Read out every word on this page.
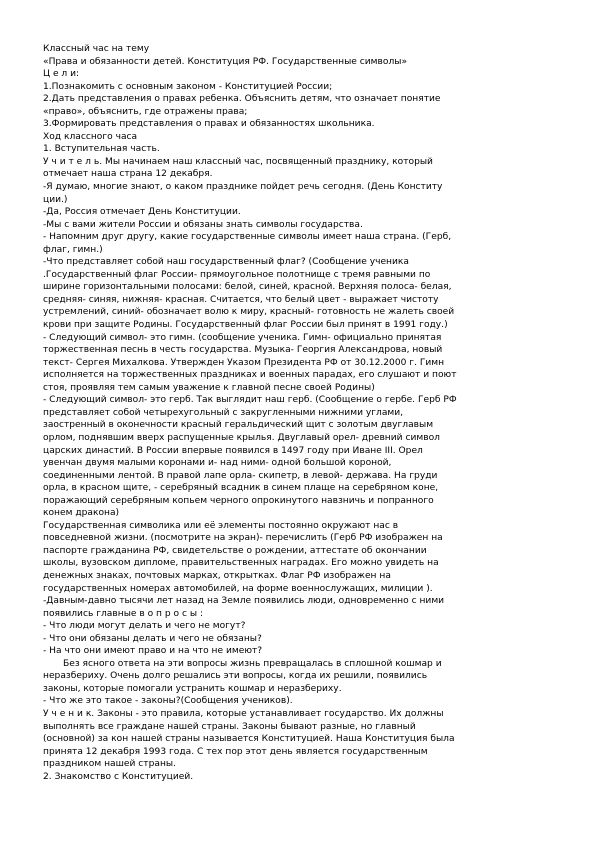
Классный час на тему
«Права и обязанности детей. Конституция РФ. Государственные символы»
Ц е л и:
1.Познакомить с основным законом - Конституцией России;
2.Дать представления о правах ребенка. Объяснить детям, что означает понятие
«право», объяснить, где отражены права;
3.Формировать представления о правах и обязанностях школьника.
Ход классного часа
1. Вступительная часть.
У ч и т е л ь. Мы начинаем наш классный час, посвященный празднику, который
отмечает наша страна 12 декабря.
-Я думаю, многие знают, о каком празднике пойдет речь сегодня. (День Конститу
ции.)
-Да, Россия отмечает День Конституции.
-Мы с вами жители России и обязаны знать символы государства.
- Напомним друг другу, какие государственные символы имеет наша страна. (Герб,
флаг, гимн.)
-Что представляет собой наш государственный флаг? (Сообщение ученика
.Государственный флаг России- прямоугольное полотнище с тремя равными по
ширине горизонтальными полосами: белой, синей, красной. Верхняя полоса- белая,
средняя- синяя, нижняя- красная. Считается, что белый цвет - выражает чистоту
устремлений, синий- обозначает волю к миру, красный- готовность не жалеть своей
крови при защите Родины. Государственный флаг России был принят в 1991 году.)
- Следующий символ- это гимн. (сообщение ученика. Гимн- официально принятая
торжественная песнь в честь государства. Музыка- Георгия Александрова, новый
текст- Сергея Михалкова. Утвержден Указом Президента РФ от 30.12.2000 г. Гимн
исполняется на торжественных праздниках и военных парадах, его слушают и поют
стоя, проявляя тем самым уважение к главной песне своей Родины)
- Следующий символ- это герб. Так выглядит наш герб. (Сообщение о гербе. Герб РФ
представляет собой четырехугольный с закругленными нижними углами,
заостренный в оконечности красный геральдический щит с золотым двуглавым
орлом, поднявшим вверх распущенные крылья. Двуглавый орел- древний символ
царских династий. В России впервые появился в 1497 году при Иване III. Орел
увенчан двумя малыми коронами и- над ними- одной большой короной,
соединенными лентой. В правой лапе орла- скипетр, в левой- держава. На груди
орла, в красном щите, - серебряный всадник в синем плаще на серебряном коне,
поражающий серебряным копьем черного опрокинутого навзничь и попранного
конем дракона)
Государственная символика или её элементы постоянно окружают нас в
повседневной жизни. (посмотрите на экран)- перечислить (Герб РФ изображен на
паспорте гражданина РФ, свидетельстве о рождении, аттестате об окончании
школы, вузовском дипломе, правительственных наградах. Его можно увидеть на
денежных знаках, почтовых марках, открытках. Флаг РФ изображен на
государственных номерах автомобилей, на форме военнослужащих, милиции ).
-Давным-давно тысячи лет назад на Земле появились люди, одновременно с ними
появились главные в о п р о с ы :
- Что люди могут делать и чего не могут?
- Что они обязаны делать и чего не обязаны?
- На что они имеют право и на что не имеют?
Без ясного ответа на эти вопросы жизнь превращалась в сплошной кошмар и
неразбериху. Очень долго решались эти вопросы, когда их решили, появились
законы, которые помогали устранить кошмар и неразбериху.
- Что же это такое - законы?(Сообщения учеников).
У ч е н и к. Законы - это правила, которые устанавливает государство. Их должны
выполнять все граждане нашей страны. Законы бывают разные, но главный
(основной) за кон нашей страны называется Конституцией. Наша Конституция была
принята 12 декабря 1993 года. С тех пор этот день является государственным
праздником нашей страны.
2. Знакомство с Конституцией.
